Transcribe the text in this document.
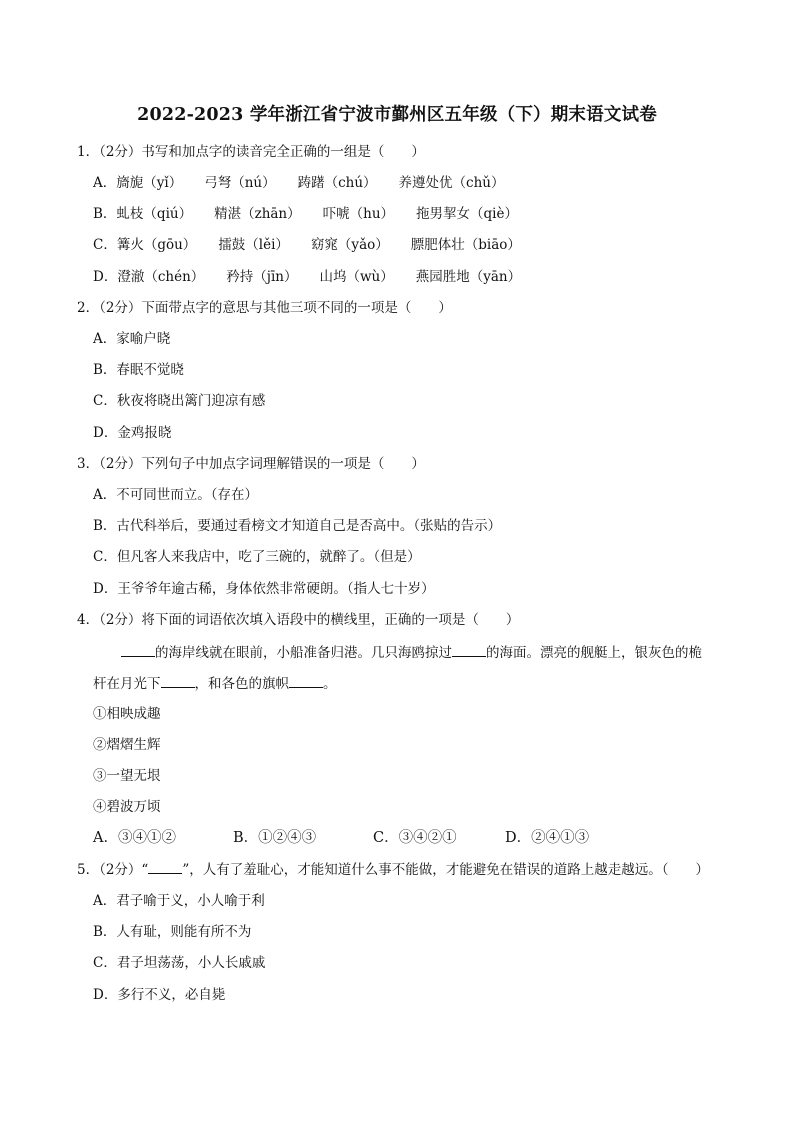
2022-2023 学年浙江省宁波市鄞州区五年级（下）期末语文试卷
1．（2分）书写和加点字的读音完全正确的一组是（　　）
A．旖旎（yǐ） 弓弩（nú） 踌躇（chú） 养遵处优（chǔ）
B．虬枝（qiú） 精湛（zhān） 吓唬（hu） 拖男挈女（qiè）
C．篝火（gōu） 擂鼓（lěi） 窈窕（yǎo） 膘肥体壮（biāo）
D．澄澈（chén） 矜持（jīn） 山坞（wù） 燕园胜地（yān）
2．（2分）下面带点字的意思与其他三项不同的一项是（　　）
A．家喻户晓
B．春眠不觉晓
C．秋夜将晓出篱门迎凉有感
D．金鸡报晓
3．（2分）下列句子中加点字词理解错误的一项是（　　）
A．不可同世而立。（存在）
B．古代科举后，要通过看榜文才知道自己是否高中。（张贴的告示）
C．但凡客人来我店中，吃了三碗的，就醉了。（但是）
D．王爷爷年逾古稀，身体依然非常硬朗。（指人七十岁）
4．（2分）将下面的词语依次填入语段中的横线里，正确的一项是（　　）
的海岸线就在眼前，小船准备归港。几只海鸥掠过	的海面。漂亮的舰艇上，银灰色的桅
杆在月光下	，和各色的旗帜	。
①相映成趣
②熠熠生辉
③一望无垠
④碧波万顷
A．③④①②	B．①②④③	C．③④②①	D．②④①③
5．（2分）“	”，人有了羞耻心，才能知道什么事不能做，才能避免在错误的道路上越走越远。（　　）
A．君子喻于义，小人喻于利
B．人有耻，则能有所不为
C．君子坦荡荡，小人长戚戚
D．多行不义，必自毙
